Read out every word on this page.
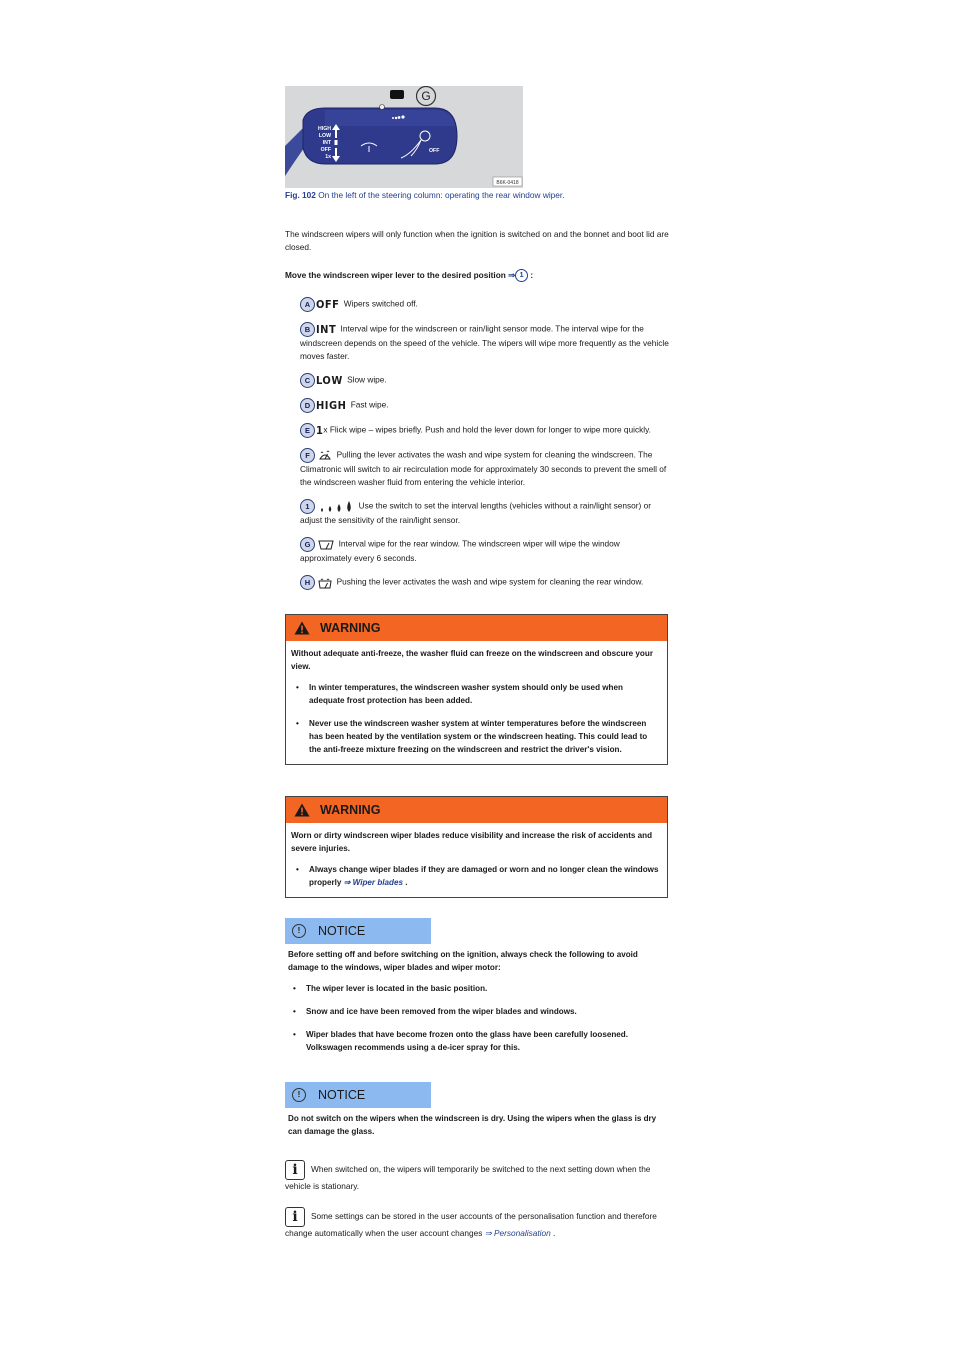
G
HIGH
LOW
INT
OFF
1x
OFF
B6K-0418
Fig. 102 On the left of the steering column: operating the rear window wiper.

The windscreen wipers will only function when the ignition is switched on and the bonnet and boot lid are closed.

Move the windscreen wiper lever to the desired position ⇒ 1 :

A OFF Wipers switched off.

B INT Interval wipe for the windscreen or rain/light sensor mode. The interval wipe for the windscreen depends on the speed of the vehicle. The wipers will wipe more frequently as the vehicle moves faster.

C LOW Slow wipe.

D HIGH Fast wipe.

E 1x Flick wipe – wipes briefly. Push and hold the lever down for longer to wipe more quickly.

F	Pulling the lever activates the wash and wipe system for cleaning the windscreen. The Climatronic will switch to air recirculation mode for approximately 30 seconds to prevent the smell of the windscreen washer fluid from entering the vehicle interior.

1	Use the switch to set the interval lengths (vehicles without a rain/light sensor) or adjust the sensitivity of the rain/light sensor.

G	Interval wipe for the rear window. The windscreen wiper will wipe the window approximately every 6 seconds.

H	Pushing the lever activates the wash and wipe system for cleaning the rear window.

WARNING

Without adequate anti-freeze, the washer fluid can freeze on the windscreen and obscure your view.

• In winter temperatures, the windscreen washer system should only be used when adequate frost protection has been added.
• Never use the windscreen washer system at winter temperatures before the windscreen has been heated by the ventilation system or the windscreen heating. This could lead to the anti-freeze mixture freezing on the windscreen and restrict the driver's vision.
WARNING

Worn or dirty windscreen wiper blades reduce visibility and increase the risk of accidents and severe injuries.

• Always change wiper blades if they are damaged or worn and no longer clean the windows properly ⇒ Wiper blades .
!	NOTICE

Before setting off and before switching on the ignition, always check the following to avoid damage to the windows, wiper blades and wiper motor:

• The wiper lever is located in the basic position.
• Snow and ice have been removed from the wiper blades and windows.
• Wiper blades that have become frozen onto the glass have been carefully loosened. Volkswagen recommends using a de-icer spray for this.
!	NOTICE

Do not switch on the wipers when the windscreen is dry. Using the wipers when the glass is dry can damage the glass.

i When switched on, the wipers will temporarily be switched to the next setting down when the vehicle is stationary.

i Some settings can be stored in the user accounts of the personalisation function and therefore change automatically when the user account changes ⇒ Personalisation .
